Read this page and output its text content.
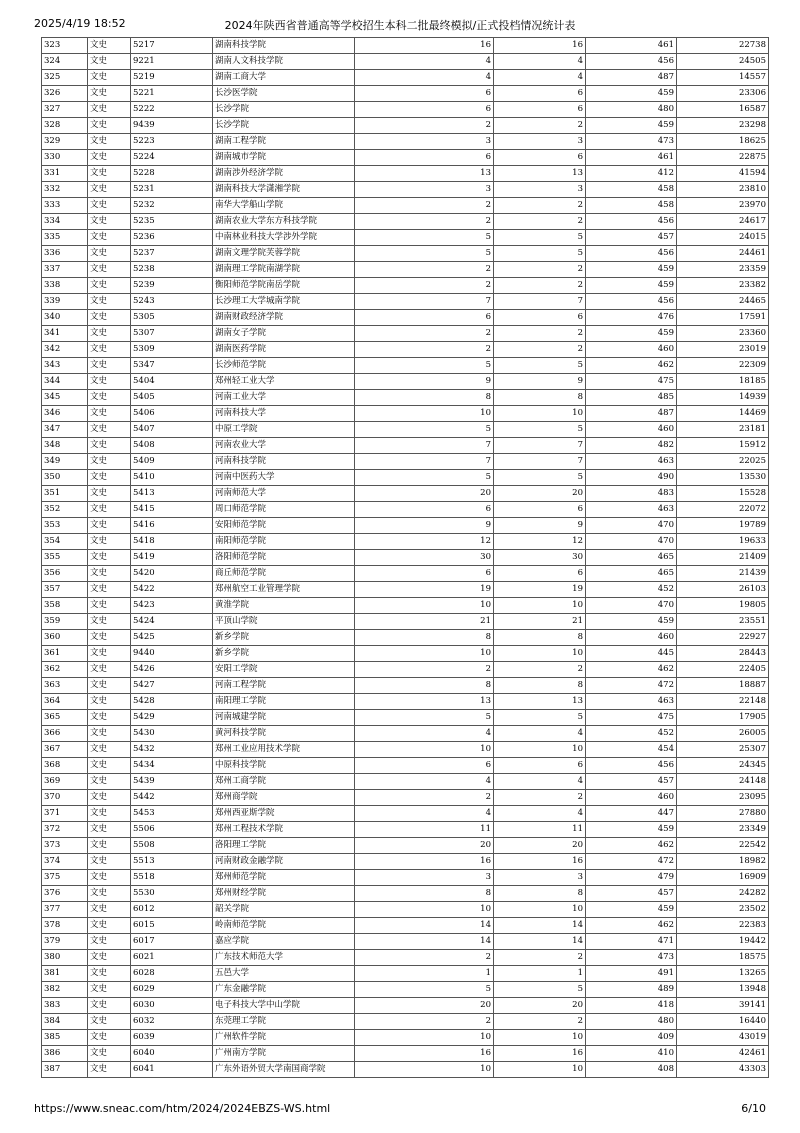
2025/4/19 18:52	2024年陕西省普通高等学校招生本科二批最终模拟/正式投档情况统计表
323	文史	5217	湖南科技学院	16	16	461	22738
324	文史	9221	湖南人文科技学院	4	4	456	24505
325	文史	5219	湖南工商大学	4	4	487	14557
326	文史	5221	长沙医学院	6	6	459	23306
327	文史	5222	长沙学院	6	6	480	16587
328	文史	9439	长沙学院	2	2	459	23298
329	文史	5223	湖南工程学院	3	3	473	18625
330	文史	5224	湖南城市学院	6	6	461	22875
331	文史	5228	湖南涉外经济学院	13	13	412	41594
332	文史	5231	湖南科技大学潇湘学院	3	3	458	23810
333	文史	5232	南华大学船山学院	2	2	458	23970
334	文史	5235	湖南农业大学东方科技学院	2	2	456	24617
335	文史	5236	中南林业科技大学涉外学院	5	5	457	24015
336	文史	5237	湖南文理学院芙蓉学院	5	5	456	24461
337	文史	5238	湖南理工学院南湖学院	2	2	459	23359
338	文史	5239	衡阳师范学院南岳学院	2	2	459	23382
339	文史	5243	长沙理工大学城南学院	7	7	456	24465
340	文史	5305	湖南财政经济学院	6	6	476	17591
341	文史	5307	湖南女子学院	2	2	459	23360
342	文史	5309	湖南医药学院	2	2	460	23019
343	文史	5347	长沙师范学院	5	5	462	22309
344	文史	5404	郑州轻工业大学	9	9	475	18185
345	文史	5405	河南工业大学	8	8	485	14939
346	文史	5406	河南科技大学	10	10	487	14469
347	文史	5407	中原工学院	5	5	460	23181
348	文史	5408	河南农业大学	7	7	482	15912
349	文史	5409	河南科技学院	7	7	463	22025
350	文史	5410	河南中医药大学	5	5	490	13530
351	文史	5413	河南师范大学	20	20	483	15528
352	文史	5415	周口师范学院	6	6	463	22072
353	文史	5416	安阳师范学院	9	9	470	19789
354	文史	5418	南阳师范学院	12	12	470	19633
355	文史	5419	洛阳师范学院	30	30	465	21409
356	文史	5420	商丘师范学院	6	6	465	21439
357	文史	5422	郑州航空工业管理学院	19	19	452	26103
358	文史	5423	黄淮学院	10	10	470	19805
359	文史	5424	平顶山学院	21	21	459	23551
360	文史	5425	新乡学院	8	8	460	22927
361	文史	9440	新乡学院	10	10	445	28443
362	文史	5426	安阳工学院	2	2	462	22405
363	文史	5427	河南工程学院	8	8	472	18887
364	文史	5428	南阳理工学院	13	13	463	22148
365	文史	5429	河南城建学院	5	5	475	17905
366	文史	5430	黄河科技学院	4	4	452	26005
367	文史	5432	郑州工业应用技术学院	10	10	454	25307
368	文史	5434	中原科技学院	6	6	456	24345
369	文史	5439	郑州工商学院	4	4	457	24148
370	文史	5442	郑州商学院	2	2	460	23095
371	文史	5453	郑州西亚斯学院	4	4	447	27880
372	文史	5506	郑州工程技术学院	11	11	459	23349
373	文史	5508	洛阳理工学院	20	20	462	22542
374	文史	5513	河南财政金融学院	16	16	472	18982
375	文史	5518	郑州师范学院	3	3	479	16909
376	文史	5530	郑州财经学院	8	8	457	24282
377	文史	6012	韶关学院	10	10	459	23502
378	文史	6015	岭南师范学院	14	14	462	22383
379	文史	6017	嘉应学院	14	14	471	19442
380	文史	6021	广东技术师范大学	2	2	473	18575
381	文史	6028	五邑大学	1	1	491	13265
382	文史	6029	广东金融学院	5	5	489	13948
383	文史	6030	电子科技大学中山学院	20	20	418	39141
384	文史	6032	东莞理工学院	2	2	480	16440
385	文史	6039	广州软件学院	10	10	409	43019
386	文史	6040	广州南方学院	16	16	410	42461
387	文史	6041	广东外语外贸大学南国商学院	10	10	408	43303
https://www.sneac.com/htm/2024/2024EBZS-WS.html	6/10
